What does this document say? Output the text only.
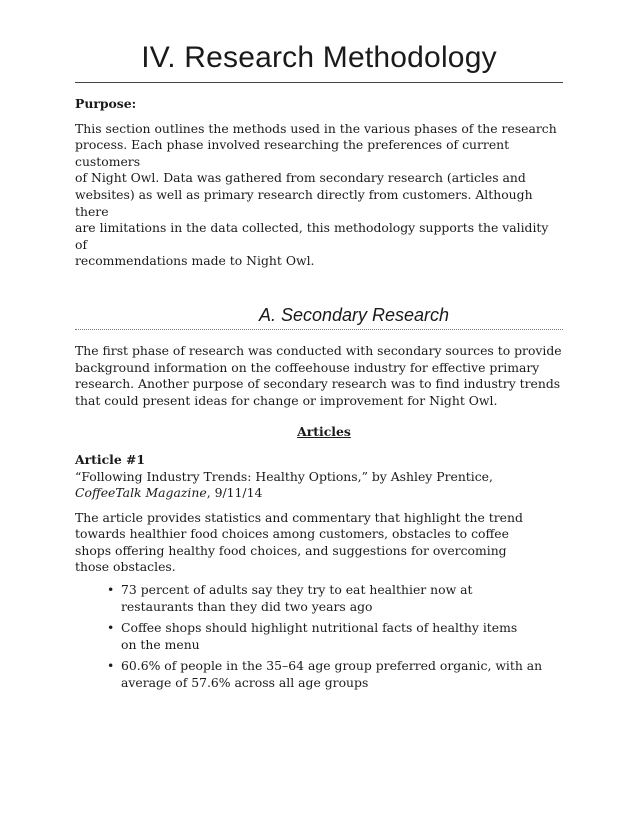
IV. Research Methodology
Purpose:
This section outlines the methods used in the various phases of the research
process. Each phase involved researching the preferences of current customers
of Night Owl. Data was gathered from secondary research (articles and
websites) as well as primary research directly from customers. Although there
are limitations in the data collected, this methodology supports the validity of
recommendations made to Night Owl.
A. Secondary Research
The first phase of research was conducted with secondary sources to provide
background information on the coffeehouse industry for effective primary
research. Another purpose of secondary research was to find industry trends
that could present ideas for change or improvement for Night Owl.
Articles
Article #1
“Following Industry Trends: Healthy Options,” by Ashley Prentice,
CoffeeTalk Magazine, 9/11/14
The article provides statistics and commentary that highlight the trend
towards healthier food choices among customers, obstacles to coffee
shops offering healthy food choices, and suggestions for overcoming
those obstacles.
• 73 percent of adults say they try to eat healthier now at
restaurants than they did two years ago
• Coffee shops should highlight nutritional facts of healthy items
on the menu
• 60.6% of people in the 35–64 age group preferred organic, with an
average of 57.6% across all age groups
